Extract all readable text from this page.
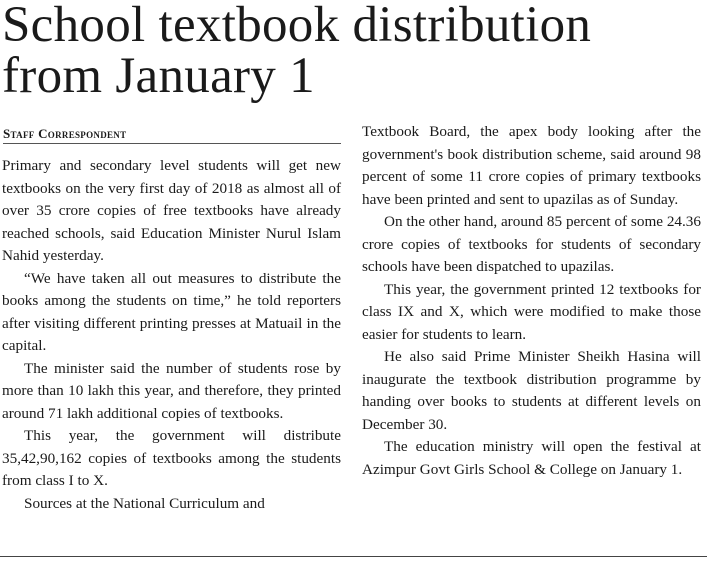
School textbook distribution
from January 1
Staff Correspondent

Primary and secondary level students will get new textbooks on the very first day of 2018 as almost all of over 35 crore copies of free textbooks have already reached schools, said Education Minister Nurul Islam Nahid yesterday.

“We have taken all out measures to distribute the books among the students on time,” he told reporters after visiting different printing presses at Matuail in the capital.

The minister said the number of students rose by more than 10 lakh this year, and therefore, they printed around 71 lakh additional copies of textbooks.

This year, the government will distribute 35,42,90,162 copies of textbooks among the students from class I to X.

Sources at the National Curriculum and

Textbook Board, the apex body looking after the government's book distribution scheme, said around 98 percent of some 11 crore copies of primary textbooks have been printed and sent to upazilas as of Sunday.

On the other hand, around 85 percent of some 24.36 crore copies of textbooks for students of secondary schools have been dispatched to upazilas.

This year, the government printed 12 textbooks for class IX and X, which were modified to make those easier for students to learn.

He also said Prime Minister Sheikh Hasina will inaugurate the textbook distribution programme by handing over books to students at different levels on December 30.

The education ministry will open the festival at Azimpur Govt Girls School & College on January 1.
